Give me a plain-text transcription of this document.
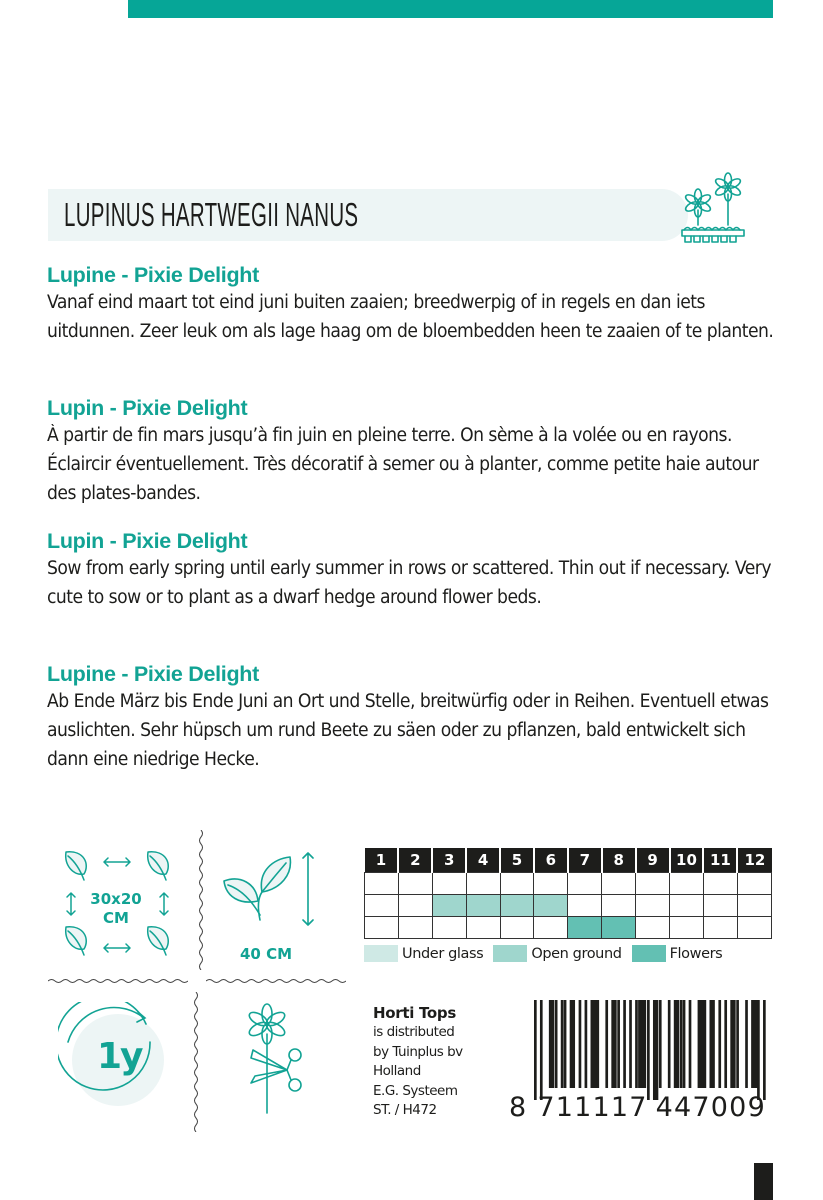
LUPINUS HARTWEGII NANUS
Lupine - Pixie Delight

Vanaf eind maart tot eind juni buiten zaaien; breedwerpig of in regels en dan iets uitdunnen. Zeer leuk om als lage haag om de bloembedden heen te zaaien of te planten.

Lupin - Pixie Delight

À partir de fin mars jusqu’à fin juin en pleine terre. On sème à la volée ou en rayons. Éclaircir éventuellement. Très décoratif à semer ou à planter, comme petite haie autour des plates-bandes.

Lupin - Pixie Delight

Sow from early spring until early summer in rows or scattered. Thin out if necessary. Very cute to sow or to plant as a dwarf hedge around flower beds.

Lupine - Pixie Delight

Ab Ende März bis Ende Juni an Ort und Stelle, breitwürfig oder in Reihen. Eventuell etwas auslichten. Sehr hüpsch um rund Beete zu säen oder zu pflanzen, bald entwickelt sich dann eine niedrige Hecke.

30x20
CM
40 CM
1y
1	2	3	4	5	6	7	8	9	10	11	12

Under glass	Open ground	Flowers
Horti Tops
is distributed
by Tuinplus bv
Holland
E.G. Systeem
ST. / H472	8 711117 447009
